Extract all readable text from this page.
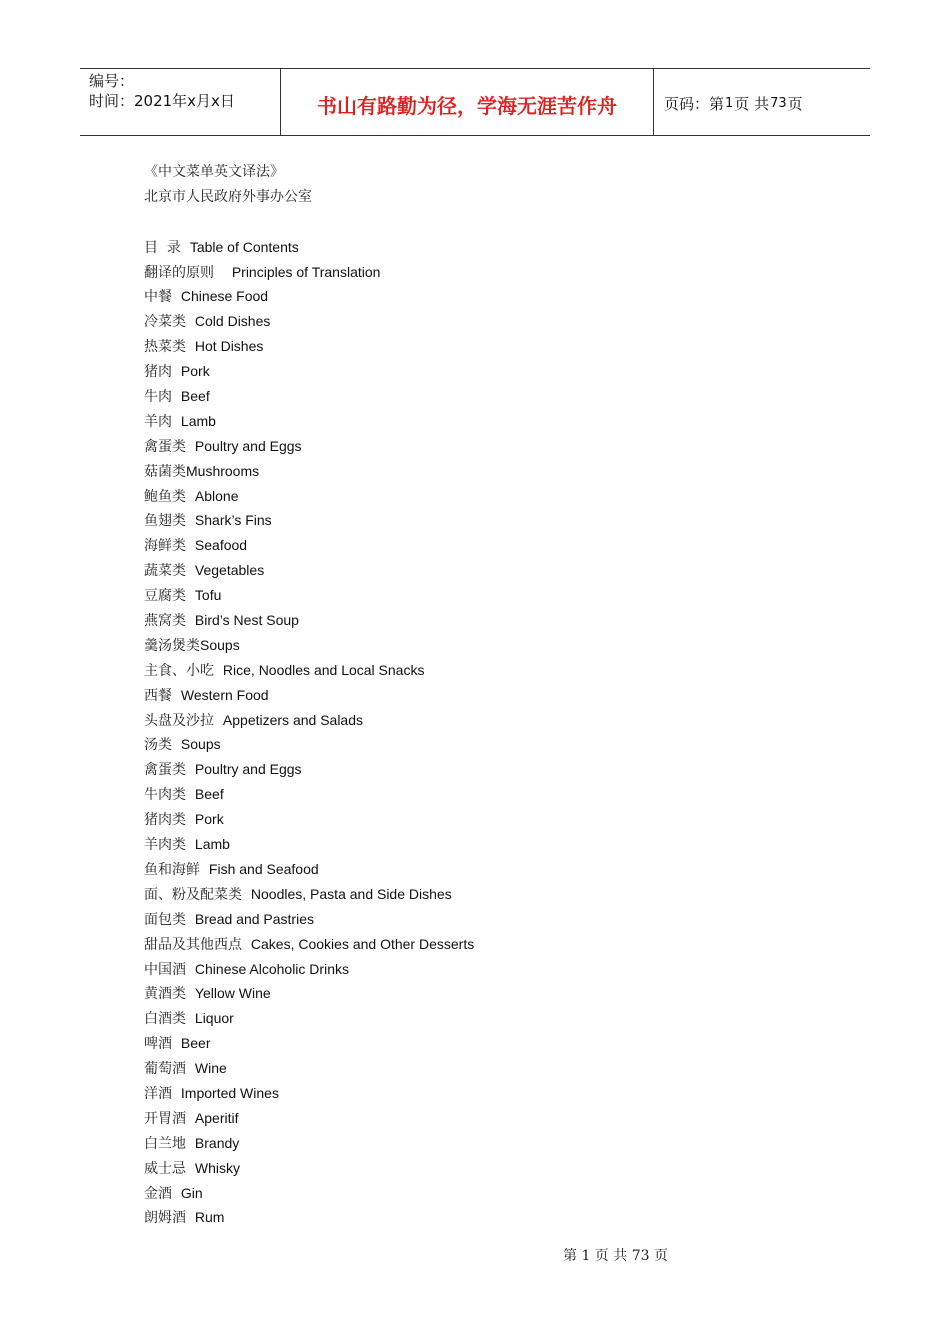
编号：
时间：2021年x月x日	书山有路勤为径，学海无涯苦作舟	页码：第 1 页 共 73 页
《中文菜单英文译法》
北京市人民政府外事办公室
目  录  Table of Contents
翻译的原则    Principles of Translation
中餐  Chinese Food
冷菜类  Cold Dishes
热菜类  Hot Dishes
猪肉  Pork
牛肉  Beef
羊肉  Lamb
禽蛋类  Poultry and Eggs
菇菌类Mushrooms
鲍鱼类  Ablone
鱼翅类  Shark’s Fins
海鲜类  Seafood
蔬菜类  Vegetables
豆腐类  Tofu
燕窝类  Bird’s Nest Soup
羹汤煲类Soups
主食、小吃  Rice, Noodles and Local Snacks
西餐  Western Food
头盘及沙拉  Appetizers and Salads
汤类  Soups
禽蛋类  Poultry and Eggs
牛肉类  Beef
猪肉类  Pork
羊肉类  Lamb
鱼和海鲜  Fish and Seafood
面、粉及配菜类  Noodles, Pasta and Side Dishes
面包类  Bread and Pastries
甜品及其他西点  Cakes, Cookies and Other Desserts
中国酒  Chinese Alcoholic Drinks
黄酒类  Yellow Wine
白酒类  Liquor
啤酒  Beer
葡萄酒  Wine
洋酒  Imported Wines
开胃酒  Aperitif
白兰地  Brandy
威士忌  Whisky
金酒  Gin
朗姆酒  Rum
第 1 页 共 73 页
